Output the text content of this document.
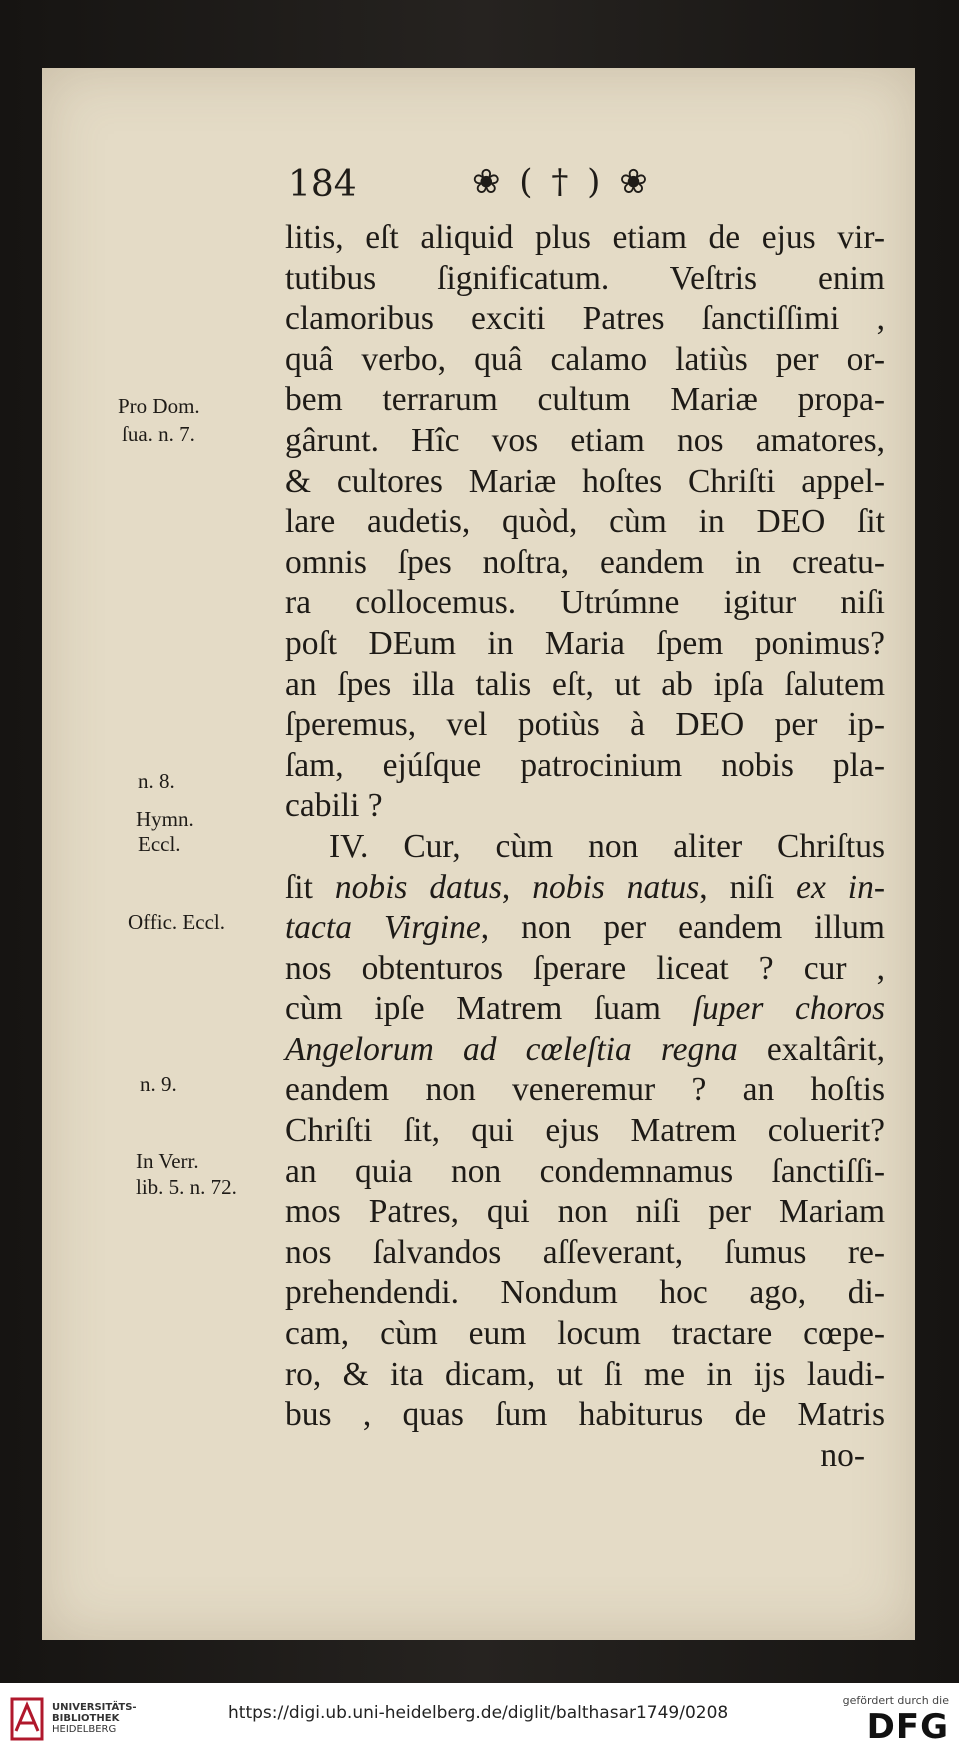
184	❀ ( † ) ❀
Pro Dom.
ſua. n. 7.
n. 8.
Hymn.
Eccl.
Offic. Eccl.
n. 9.
In Verr.
lib. 5. n. 72.
litis, eſt aliquid plus etiam de ejus vir-
tutibus ſignificatum. Veſtris enim
clamoribus exciti Patres ſanctiſſimi ,
quâ verbo, quâ calamo latiùs per or-
bem terrarum cultum Mariæ propa-
gârunt. Hîc vos etiam nos amatores,
& cultores Mariæ hoſtes Chriſti appel-
lare audetis, quòd, cùm in DEO ſit
omnis ſpes noſtra, eandem in creatu-
ra collocemus. Utrúmne igitur niſi
poſt DEum in Maria ſpem ponimus?
an ſpes illa talis eſt, ut ab ipſa ſalutem
ſperemus, vel potiùs à DEO per ip-
ſam, ejúſque patrocinium nobis pla-
cabili ?
IV. Cur, cùm non aliter Chriſtus
ſit nobis datus, nobis natus, niſi ex in-
tacta Virgine, non per eandem illum
nos obtenturos ſperare liceat ? cur ,
cùm ipſe Matrem ſuam ſuper choros
Angelorum ad cœleſtia regna exaltârit,
eandem non veneremur ? an hoſtis
Chriſti ſit, qui ejus Matrem coluerit?
an quia non condemnamus ſanctiſſi-
mos Patres, qui non niſi per Mariam
nos ſalvandos aſſeverant, ſumus re-
prehendendi. Nondum hoc ago, di-
cam, cùm eum locum tractare cœpe-
ro, & ita dicam, ut ſi me in ijs laudi-
bus , quas ſum habiturus de Matris
no-
UNIVERSITÄTS-
BIBLIOTHEK
HEIDELBERG
https://digi.ub.uni-heidelberg.de/diglit/balthasar1749/0208
gefördert durch die
DFG
